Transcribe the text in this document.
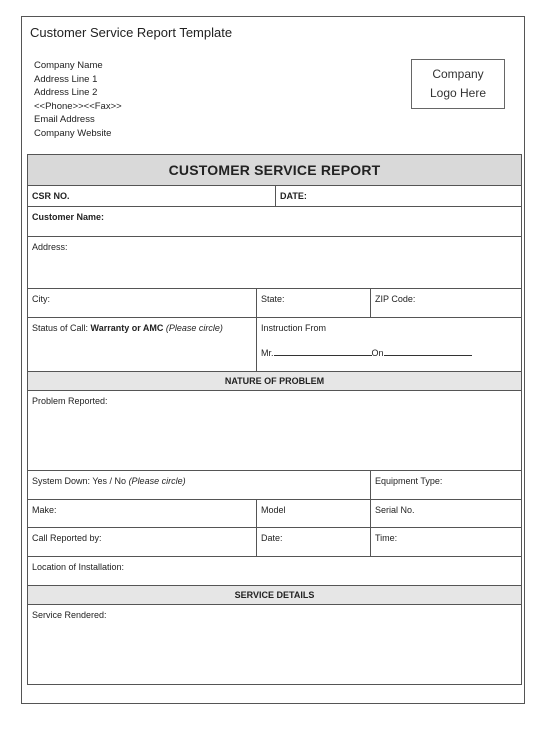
Customer Service Report Template
Company Name
Address Line 1
Address Line 2
<<Phone>><<Fax>>
Email Address
Company Website
Company
Logo Here
CUSTOMER SERVICE REPORT
CSR NO.	DATE:
Customer Name:
Address:
City:	State:	ZIP Code:
Status of Call: Warranty or AMC (Please circle)	Instruction From
Mr.	On
NATURE OF PROBLEM
Problem Reported:
System Down: Yes / No (Please circle)	Equipment Type:
Make:	Model	Serial No.
Call Reported by:	Date:	Time:
Location of Installation:
SERVICE DETAILS
Service Rendered:
